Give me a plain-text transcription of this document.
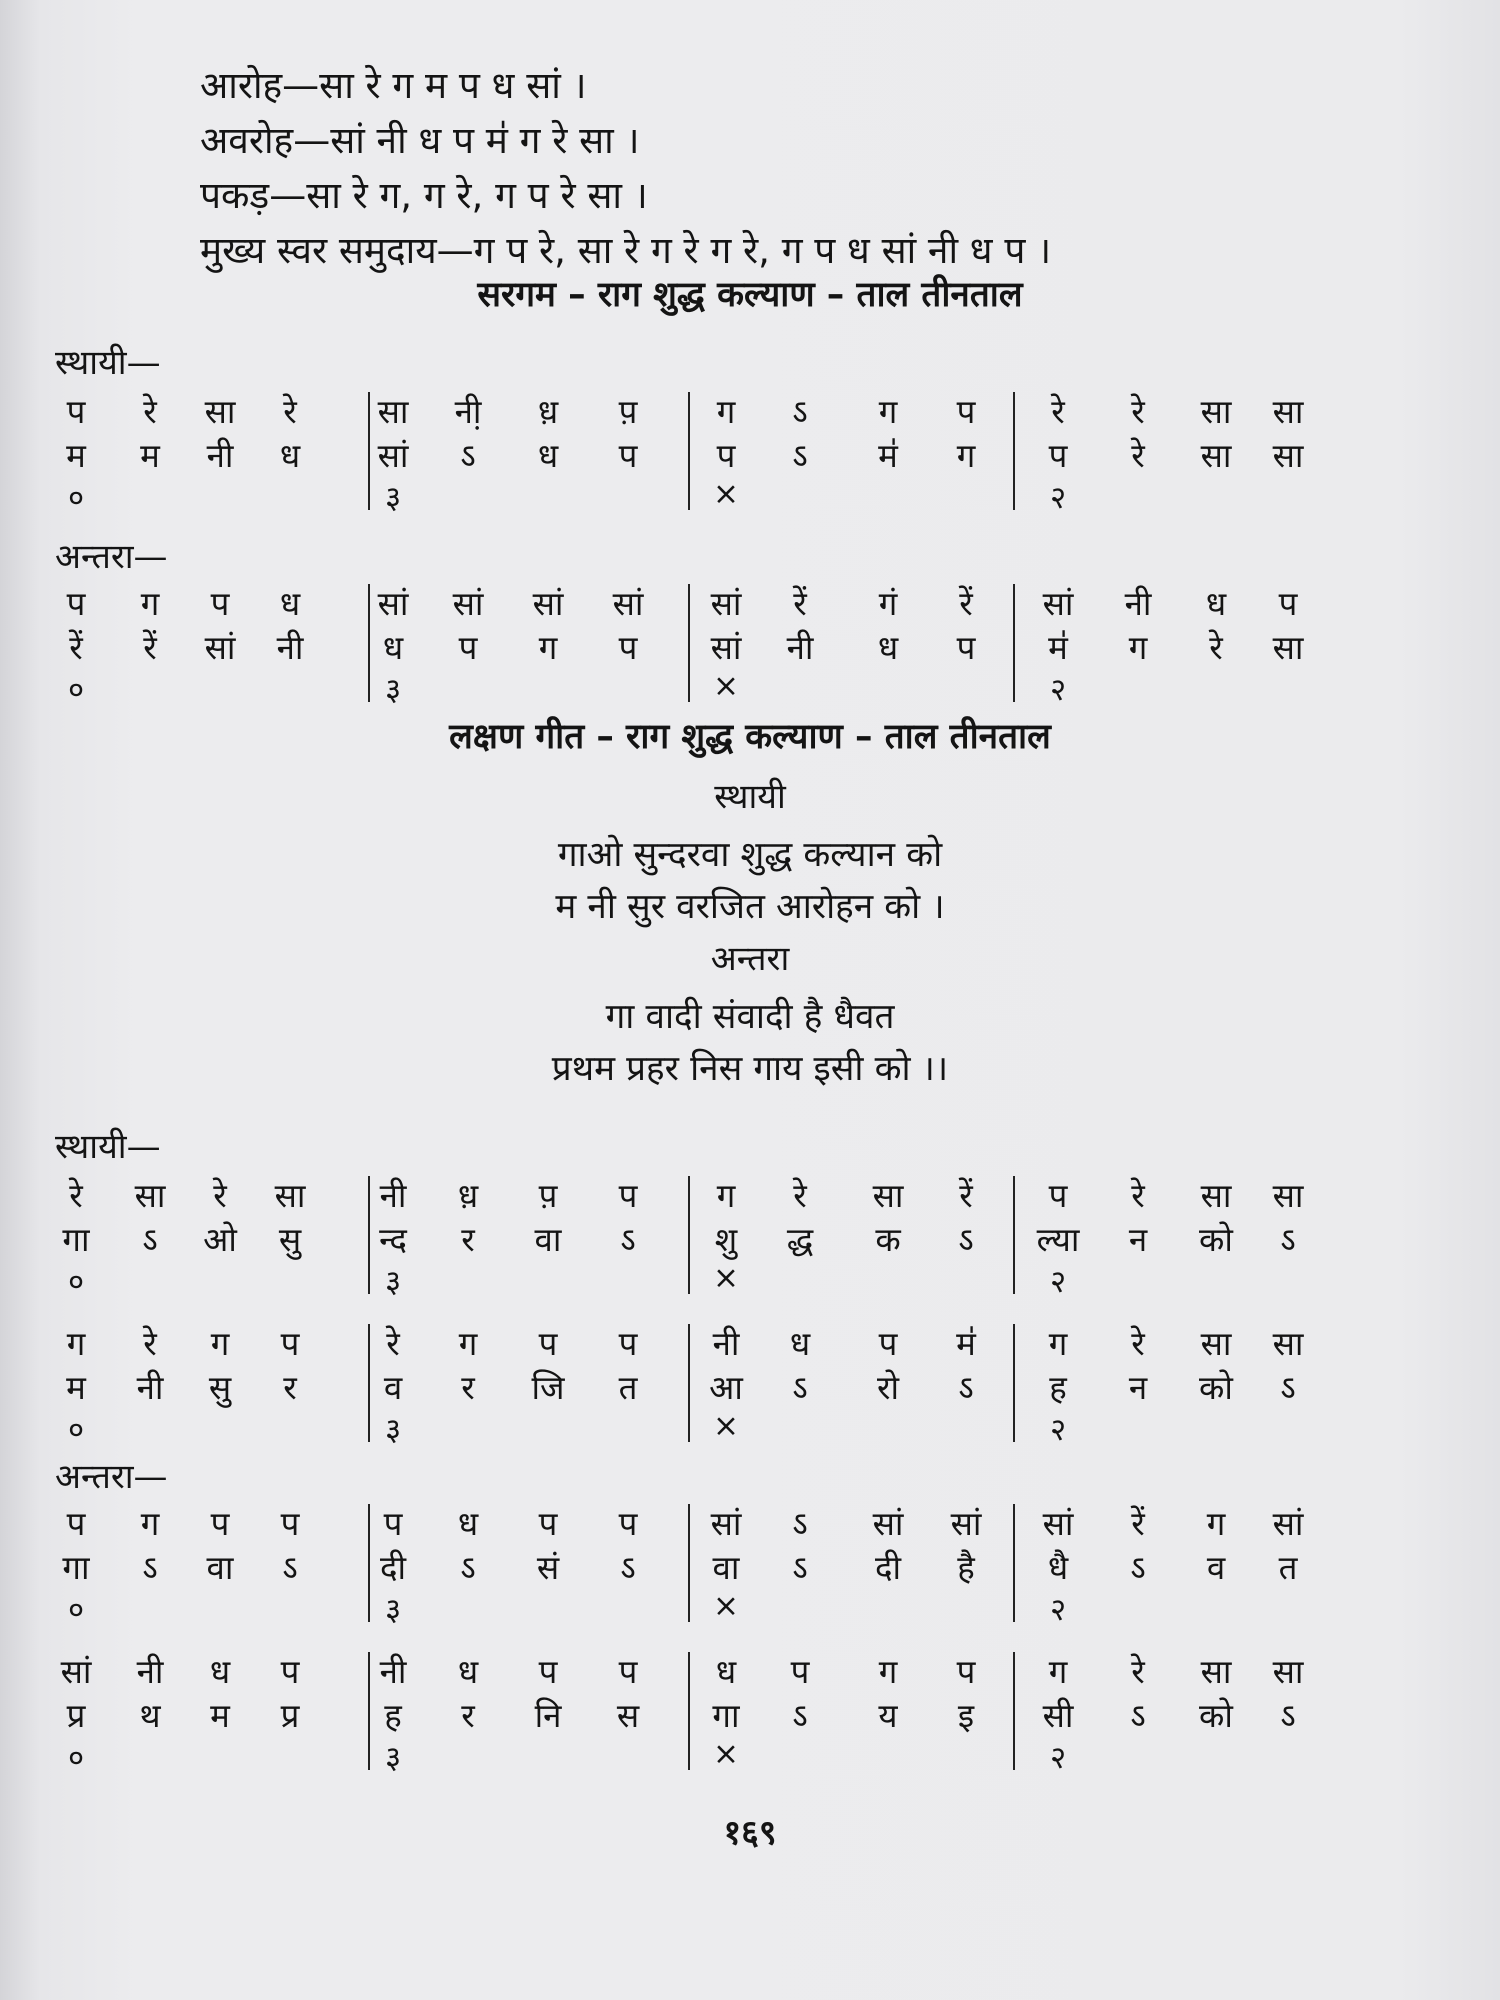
आरोह—सा रे ग म प ध सां ।
अवरोह—सां नी ध प म॑ ग रे सा ।
पकड़—सा रे ग, ग रे, ग प रे सा ।
मुख्य स्वर समुदाय—ग प रे, सा रे ग रे ग रे, ग प ध सां नी ध प ।
सरगम – राग शुद्ध कल्याण – ताल तीनताल
स्थायी—
प रे सा रे सा नी़ ध़ प़ ग ऽ ग प रे रे सा सा
म म नी ध सां ऽ ध प प ऽ म॑ ग प रे सा सा
०	३	×	२
अन्तरा—
प ग प ध सां सां सां सां सां रें गं रें सां नी ध प
रें रें सां नी ध प ग प सां नी ध प म॑ ग रे सा
०	३	×	२
लक्षण गीत – राग शुद्ध कल्याण – ताल तीनताल
स्थायी
गाओ सुन्दरवा शुद्ध कल्यान को
म नी सुर वरजित आरोहन को ।
अन्तरा
गा वादी संवादी है धैवत
प्रथम प्रहर निस गाय इसी को ।।
स्थायी—
रे सा रे सा नी ध़ प़ प ग रे सा रें प रे सा सा
गा ऽ ओ सु न्द र वा ऽ शु द्ध क ऽ ल्या न को ऽ
०	३	×	२
ग रे ग प	रे ग प प नी ध प म॑ ग रे सा सा
म नी सु र	व र जि त आ ऽ रो ऽ ह न को ऽ
०	३	×	२
अन्तरा—
प ग प प	प ध प प सां ऽ सां सां सां रें ग सां
गा ऽ वा ऽ दी ऽ सं ऽ वा ऽ दी है धै ऽ व त
०	३	×	२
सां नी ध प नी ध प प ध प ग प ग रे सा सा
प्र थ म प्र	ह र नि स गा ऽ य इ सी ऽ को ऽ
०	३	×	२
१६९
